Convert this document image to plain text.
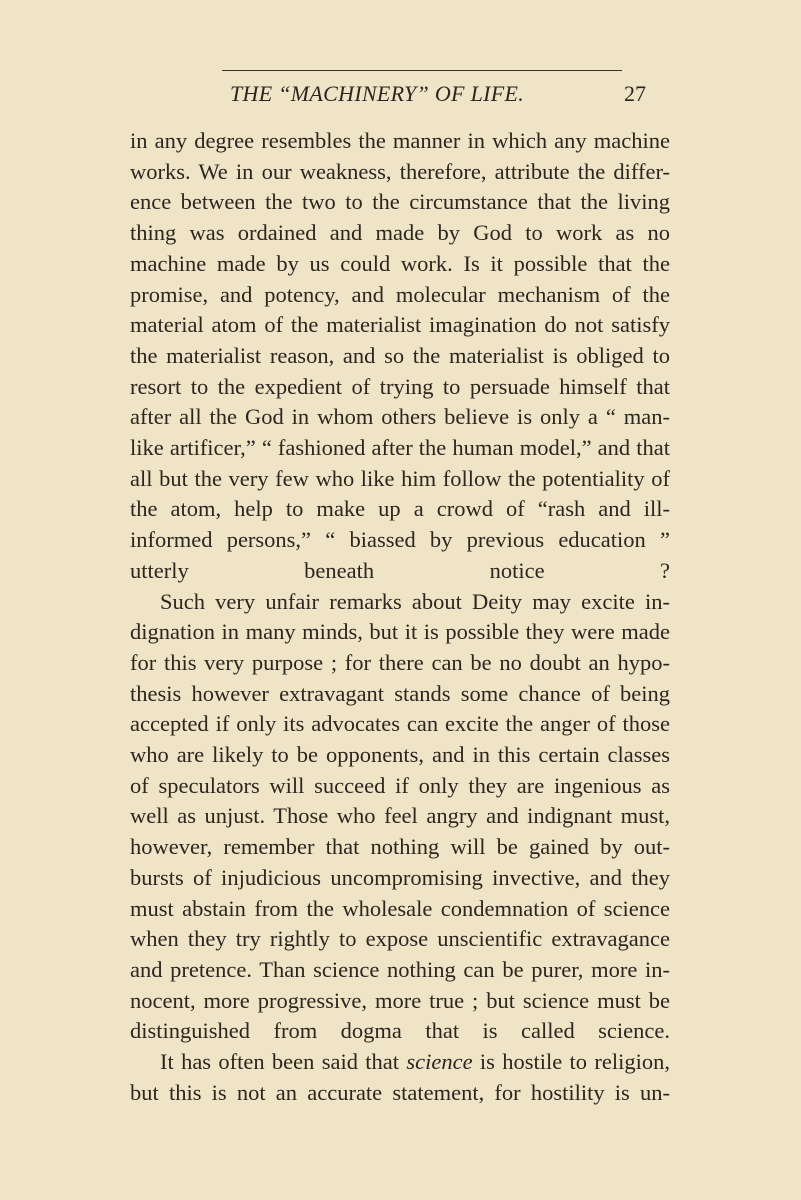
THE “MACHINERY” OF LIFE.	27

in any degree resembles the manner in which any machine works. We in our weakness, therefore, attribute the differ-ence between the two to the circumstance that the living thing was ordained and made by God to work as no machine made by us could work. Is it possible that the promise, and potency, and molecular mechanism of the material atom of the materialist imagination do not satisfy the materialist reason, and so the materialist is obliged to resort to the expedient of trying to persuade himself that after all the God in whom others believe is only a “ man-like artificer,” “ fashioned after the human model,” and that all but the very few who like him follow the potentiality of the atom, help to make up a crowd of “rash and ill-informed persons,” “ biassed by previous education ” utterly beneath notice ?

Such very unfair remarks about Deity may excite in-dignation in many minds, but it is possible they were made for this very purpose ; for there can be no doubt an hypo-thesis however extravagant stands some chance of being accepted if only its advocates can excite the anger of those who are likely to be opponents, and in this certain classes of speculators will succeed if only they are ingenious as well as unjust. Those who feel angry and indignant must, however, remember that nothing will be gained by out-bursts of injudicious uncompromising invective, and they must abstain from the wholesale condemnation of science when they try rightly to expose unscientific extravagance and pretence. Than science nothing can be purer, more in-nocent, more progressive, more true ; but science must be distinguished from dogma that is called science.

It has often been said that science is hostile to religion, but this is not an accurate statement, for hostility is un-
